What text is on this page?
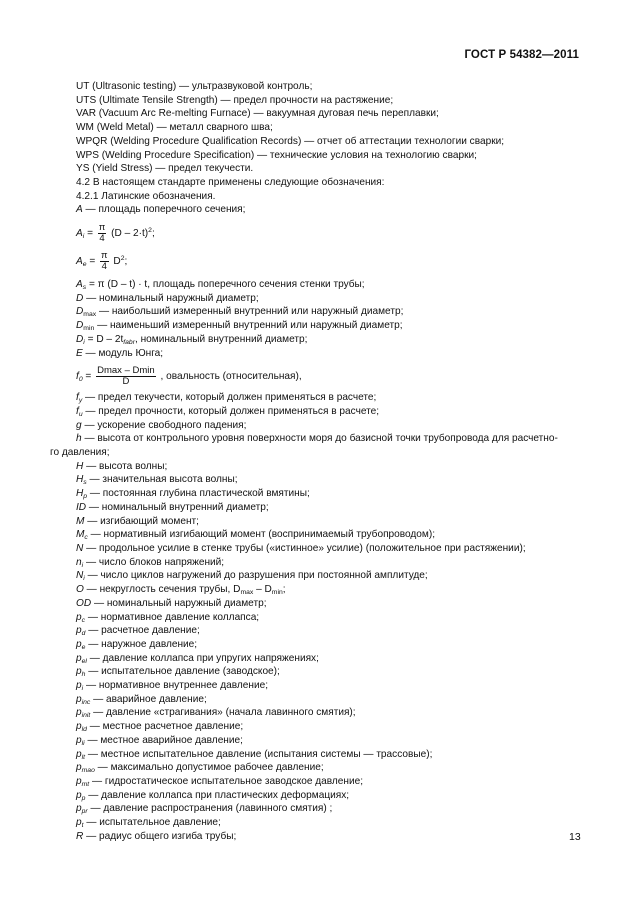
ГОСТ Р 54382—2011
UT (Ultrasonic testing) — ультразвуковой контроль;
UTS (Ultimate Tensile Strength) — предел прочности на растяжение;
VAR (Vacuum Arc Re-melting Furnace) — вакуумная дуговая печь переплавки;
WM (Weld Metal) — металл сварного шва;
WPQR (Welding Procedure Qualification Records) — отчет об аттестации технологии сварки;
WPS (Welding Procedure Specification) — технические условия на технологию сварки;
YS (Yield Stress) — предел текучести.
4.2 В настоящем стандарте применены следующие обозначения:
4.2.1 Латинские обозначения.
A — площадь поперечного сечения;
$A_i = \frac{\pi}{4} (D - 2\cdot t)^2$;
$A_e = \frac{\pi}{4} D^2$;
$A_s = \pi$ (D – t) · t, площадь поперечного сечения стенки трубы;
D — номинальный наружный диаметр;
$D_{max}$ — наибольший измеренный внутренний или наружный диаметр;
$D_{min}$ — наименьший измеренный внутренний или наружный диаметр;
$D_i = D - 2t_{fabr}$, номинальный внутренний диаметр;
E — модуль Юнга;
$f_0 = \frac{Dmax - Dmin}{D}$ , овальность (относительная),
$f_y$ — предел текучести, который должен применяться в расчете;
$f_u$ — предел прочности, который должен применяться в расчете;
g — ускорение свободного падения;
h — высота от контрольного уровня поверхности моря до базисной точки трубопровода для расчетно-
го давления;
H — высота волны;
$H_s$ — значительная высота волны;
$H_p$ — постоянная глубина пластической вмятины;
ID — номинальный внутренний диаметр;
M — изгибающий момент;
$M_c$ — нормативный изгибающий момент (воспринимаемый трубопроводом);
N — продольное усилие в стенке трубы («истинное» усилие) (положительное при растяжении);
$n_i$ — число блоков напряжений;
$N_i$ — число циклов нагружений до разрушения при постоянной амплитуде;
O — некруглость сечения трубы, $D_{max} - D_{min}$;
OD — номинальный наружный диаметр;
$p_c$ — нормативное давление коллапса;
$p_d$ — расчетное давление;
$p_e$ — наружное давление;
$p_{el}$ — давление коллапса при упругих напряжениях;
$p_h$ — испытательное давление (заводское);
$p_i$ — нормативное внутреннее давление;
$p_{inc}$ — аварийное давление;
$p_{init}$ — давление «страгивания» (начала лавинного смятия);
$p_{ld}$ — местное расчетное давление;
$p_{li}$ — местное аварийное давление;
$p_{lt}$ — местное испытательное давление (испытания системы — трассовые);
$p_{mao}$ — максимально допустимое рабочее давление;
$p_{mt}$ — гидростатическое испытательное заводское давление;
$p_p$ — давление коллапса при пластических деформациях;
$p_{pr}$ — давление распространения (лавинного смятия) ;
$p_t$ — испытательное давление;
R — радиус общего изгиба трубы;	13
